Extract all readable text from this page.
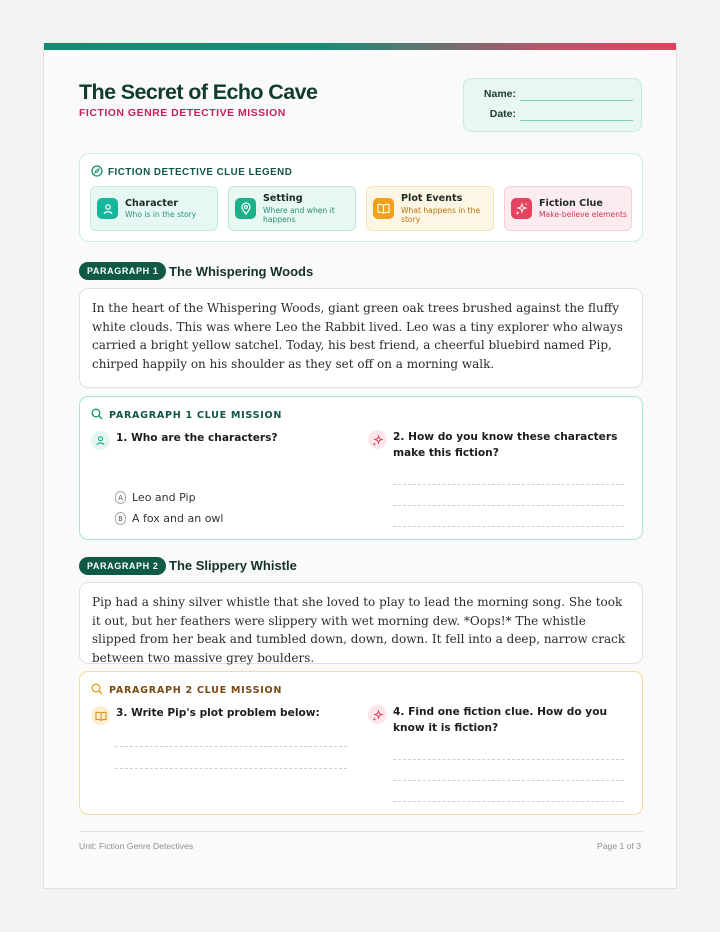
The Secret of Echo Cave
FICTION GENRE DETECTIVE MISSION
Name:
Date:
FICTION DETECTIVE CLUE LEGEND
Character
Who is in the story
Setting
Where and when it happens
Plot Events
What happens in the story
Fiction Clue
Make-believe elements
PARAGRAPH 1 The Whispering Woods
In the heart of the Whispering Woods, giant green oak trees brushed against the fluffy white clouds. This was where Leo the Rabbit lived. Leo was a tiny explorer who always carried a bright yellow satchel. Today, his best friend, a cheerful bluebird named Pip, chirped happily on his shoulder as they set off on a morning walk.
PARAGRAPH 1 CLUE MISSION
1. Who are the characters?
A Leo and Pip
B A fox and an owl
2. How do you know these characters make this fiction?
PARAGRAPH 2 The Slippery Whistle
Pip had a shiny silver whistle that she loved to play to lead the morning song. She took it out, but her feathers were slippery with wet morning dew. *Oops!* The whistle slipped from her beak and tumbled down, down, down. It fell into a deep, narrow crack between two massive grey boulders.
PARAGRAPH 2 CLUE MISSION
3. Write Pip's plot problem below:	4. Find one fiction clue. How do you know it is fiction?
Unit: Fiction Genre Detectives	Page 1 of 3
